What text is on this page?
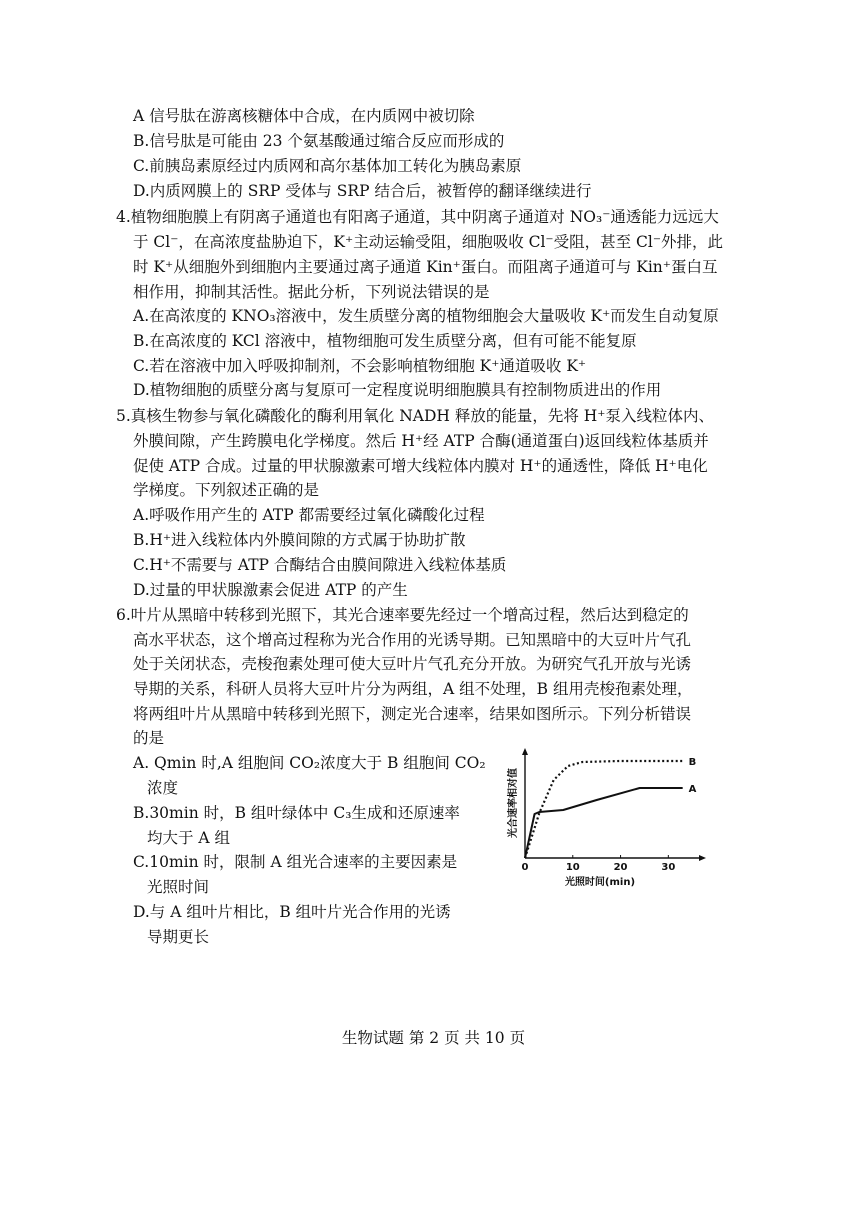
A 信号肽在游离核糖体中合成，在内质网中被切除
B.信号肽是可能由 23 个氨基酸通过缩合反应而形成的
C.前胰岛素原经过内质网和高尔基体加工转化为胰岛素原
D.内质网膜上的 SRP 受体与 SRP 结合后，被暂停的翻译继续进行
4.植物细胞膜上有阴离子通道也有阳离子通道，其中阴离子通道对 NO₃⁻通透能力远远大
于 Cl⁻，在高浓度盐胁迫下，K⁺主动运输受阻，细胞吸收 Cl⁻受阻，甚至 Cl⁻外排，此
时 K⁺从细胞外到细胞内主要通过离子通道 Kin⁺蛋白。而阻离子通道可与 Kin⁺蛋白互
相作用，抑制其活性。据此分析，下列说法错误的是
A.在高浓度的 KNO₃溶液中，发生质壁分离的植物细胞会大量吸收 K⁺而发生自动复原
B.在高浓度的 KCl 溶液中，植物细胞可发生质壁分离，但有可能不能复原
C.若在溶液中加入呼吸抑制剂，不会影响植物细胞 K⁺通道吸收 K⁺
D.植物细胞的质壁分离与复原可一定程度说明细胞膜具有控制物质进出的作用
5.真核生物参与氧化磷酸化的酶利用氧化 NADH 释放的能量，先将 H⁺泵入线粒体内、
外膜间隙，产生跨膜电化学梯度。然后 H⁺经 ATP 合酶(通道蛋白)返回线粒体基质并
促使 ATP 合成。过量的甲状腺激素可增大线粒体内膜对 H⁺的通透性，降低 H⁺电化
学梯度。下列叙述正确的是
A.呼吸作用产生的 ATP 都需要经过氧化磷酸化过程
B.H⁺进入线粒体内外膜间隙的方式属于协助扩散
C.H⁺不需要与 ATP 合酶结合由膜间隙进入线粒体基质
D.过量的甲状腺激素会促进 ATP 的产生
6.叶片从黑暗中转移到光照下，其光合速率要先经过一个增高过程，然后达到稳定的
高水平状态，这个增高过程称为光合作用的光诱导期。已知黑暗中的大豆叶片气孔
处于关闭状态，壳梭孢素处理可使大豆叶片气孔充分开放。为研究气孔开放与光诱
导期的关系，科研人员将大豆叶片分为两组，A 组不处理，B 组用壳梭孢素处理，
将两组叶片从黑暗中转移到光照下，测定光合速率，结果如图所示。下列分析错误
的是
A. Qmin 时,A 组胞间 CO₂浓度大于 B 组胞间 CO₂
浓度
B.30min 时，B 组叶绿体中 C₃生成和还原速率
均大于 A 组
C.10min 时，限制 A 组光合速率的主要因素是
光照时间
D.与 A 组叶片相比，B 组叶片光合作用的光诱
导期更长
光合速率相对值
光照时间(min)
0	10	20	30
A
B
生物试题 第 2 页 共 10 页
